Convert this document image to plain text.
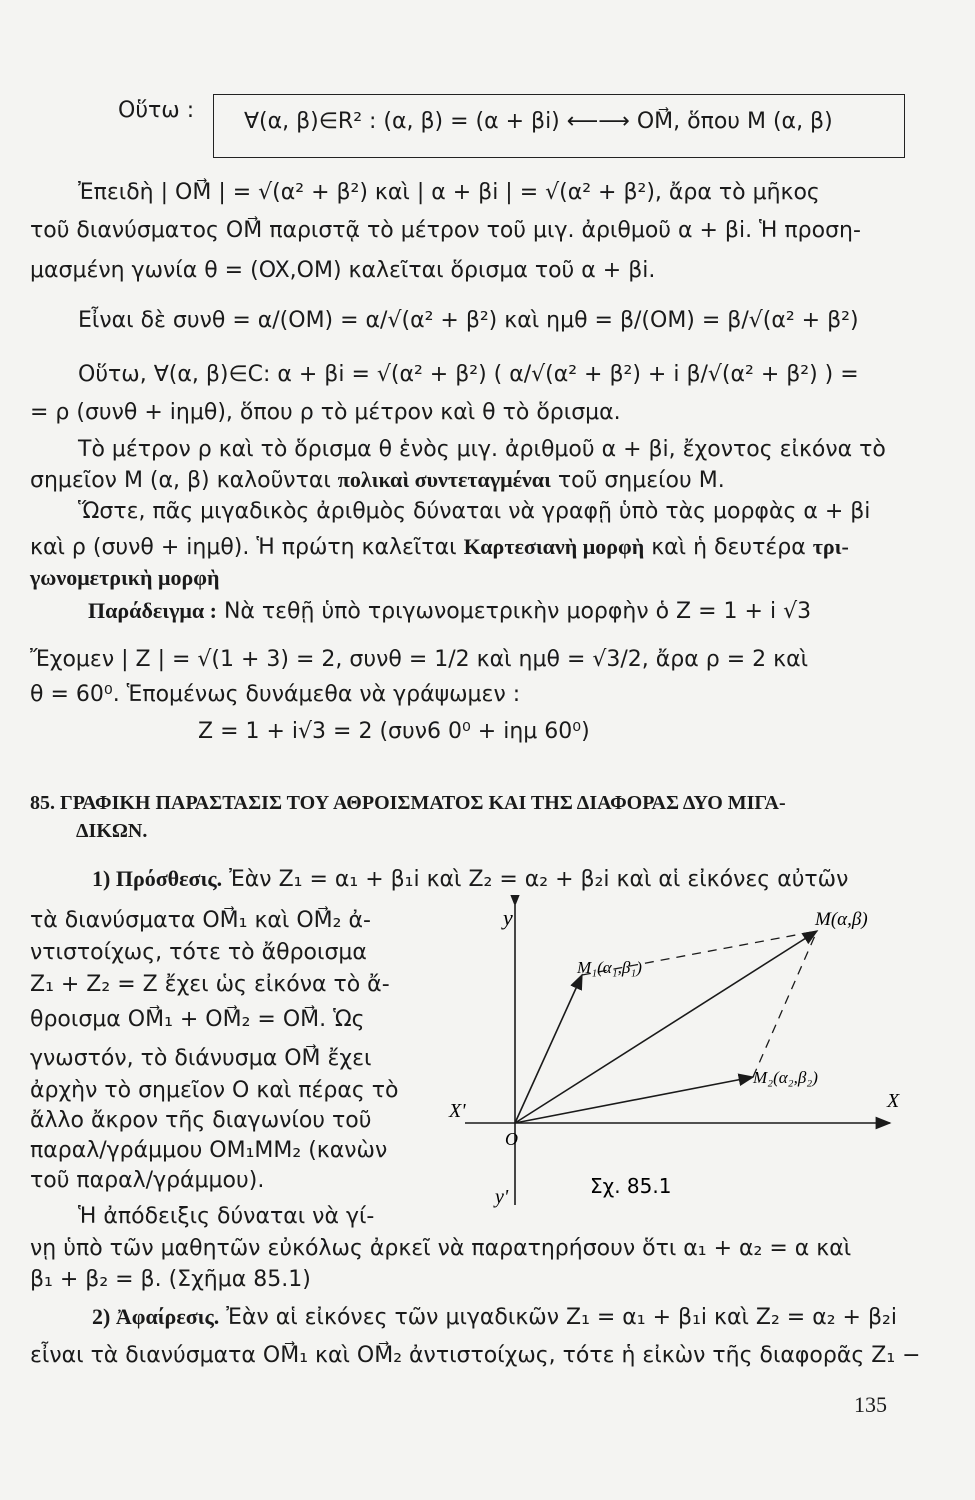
Οὕτω :	∀(α, β)∈R² : (α, β) = (α + βi) ⟵⟶ OM⃗, ὅπου M (α, β)
Ἐπειδὴ | OM⃗ | = √(α² + β²) καὶ | α + βi | = √(α² + β²), ἄρα τὸ μῆκος
τοῦ διανύσματος OM⃗ παριστᾷ τὸ μέτρον τοῦ μιγ. ἀριθμοῦ α + βi. Ἡ προση-
μασμένη γωνία θ = (OX,OM) καλεῖται ὅρισμα τοῦ α + βi.
Εἶναι δὲ συνθ = α/(OM) = α/√(α² + β²) καὶ ημθ = β/(OM) = β/√(α² + β²)
Οὕτω, ∀(α, β)∈C: α + βi = √(α² + β²) ( α/√(α² + β²) + i β/√(α² + β²) ) =
= ρ (συνθ + iημθ), ὅπου ρ τὸ μέτρον καὶ θ τὸ ὅρισμα.
Τὸ μέτρον ρ καὶ τὸ ὅρισμα θ ἑνὸς μιγ. ἀριθμοῦ α + βi, ἔχοντος εἰκόνα τὸ
σημεῖον M (α, β) καλοῦνται πολικαὶ συντεταγμέναι τοῦ σημείου M.
Ὥστε, πᾶς μιγαδικὸς ἀριθμὸς δύναται νὰ γραφῇ ὑπὸ τὰς μορφὰς α + βi
καὶ ρ (συνθ + iημθ). Ἡ πρώτη καλεῖται Καρτεσιανὴ μορφὴ καὶ ἡ δευτέρα τρι-
γωνομετρικὴ μορφὴ
Παράδειγμα : Νὰ τεθῇ ὑπὸ τριγωνομετρικὴν μορφὴν ὁ Z = 1 + i √3
Ἔχομεν | Z | = √(1 + 3) = 2, συνθ = 1/2 καὶ ημθ = √3/2, ἄρα ρ = 2 καὶ
θ = 60⁰. Ἑπομένως δυνάμεθα νὰ γράψωμεν :
Z = 1 + i√3 = 2 (συν6 0⁰ + iημ 60⁰)
85. ΓΡΑΦΙΚΗ ΠΑΡΑΣΤΑΣΙΣ ΤΟΥ ΑΘΡΟΙΣΜΑΤΟΣ ΚΑΙ ΤΗΣ ΔΙΑΦΟΡΑΣ ΔΥΟ ΜΙΓΑ-
ΔΙΚΩΝ.
1) Πρόσθεσις. Ἐὰν Z₁ = α₁ + β₁i καὶ Z₂ = α₂ + β₂i καὶ αἱ εἰκόνες αὐτῶν
τὰ διανύσματα OM⃗₁ καὶ OM⃗₂ ἀ-
ντιστοίχως, τότε τὸ ἄθροισμα
Z₁ + Z₂ = Z ἔχει ὡς εἰκόνα τὸ ἄ-
θροισμα OM⃗₁ + OM⃗₂ = OM⃗. Ὡς
γνωστόν, τὸ διάνυσμα OM⃗ ἔχει
ἀρχὴν τὸ σημεῖον O καὶ πέρας τὸ
ἄλλο ἄκρον τῆς διαγωνίου τοῦ
παραλ/γράμμου OM₁MM₂ (κανὼν
τοῦ παραλ/γράμμου).
Ἡ ἀπόδειξις δύναται νὰ γί-
νῃ ὑπὸ τῶν μαθητῶν εὐκόλως ἀρκεῖ νὰ παρατηρήσουν ὅτι α₁ + α₂ = α καὶ
β₁ + β₂ = β. (Σχῆμα 85.1)
2) Ἀφαίρεσις. Ἐὰν αἱ εἰκόνες τῶν μιγαδικῶν Z₁ = α₁ + β₁i καὶ Z₂ = α₂ + β₂i
εἶναι τὰ διανύσματα OM⃗₁ καὶ OM⃗₂ ἀντιστοίχως, τότε ἡ εἰκὼν τῆς διαφορᾶς Z₁ −
y
y'
X
X'
O
M(α,β)
M₁(α₁,β₁)
M₂(α₂,β₂)
Σχ. 85.1
135
